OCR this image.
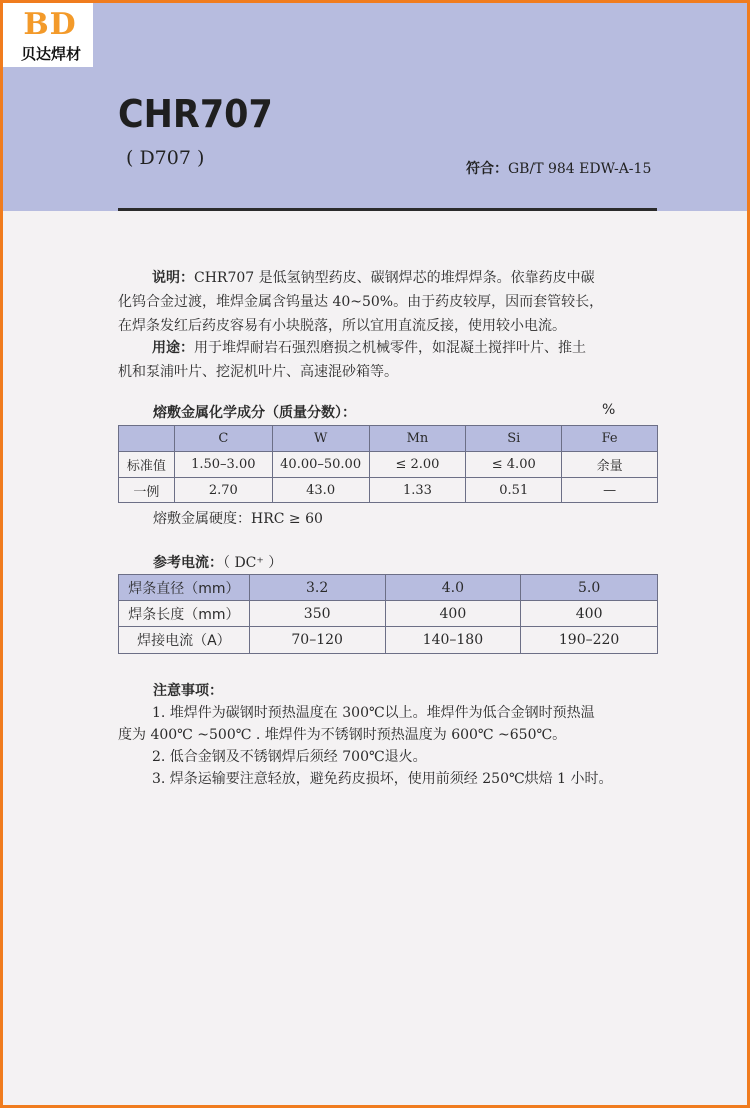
BD
贝达焊材
CHR707
( D707 )	符合：GB/T 984 EDW-A-15
说明：CHR707 是低氢钠型药皮、碳钢焊芯的堆焊焊条。依靠药皮中碳
化钨合金过渡，堆焊金属含钨量达 40~50%。由于药皮较厚，因而套管较长，
在焊条发红后药皮容易有小块脱落，所以宜用直流反接，使用较小电流。
用途：用于堆焊耐岩石强烈磨损之机械零件，如混凝土搅拌叶片、推土
机和泵浦叶片、挖泥机叶片、高速混砂箱等。
熔敷金属化学成分（质量分数）：	%
	C	W	Mn	Si	Fe
标准值	1.50–3.00	40.00–50.00	≤ 2.00	≤ 4.00	余量
一例	2.70	43.0	1.33	0.51	—
熔敷金属硬度：HRC ≥ 60
参考电流：（ DC⁺ ）
焊条直径（mm）	3.2	4.0	5.0
焊条长度（mm）	350	400	400
焊接电流（A）	70–120	140–180	190–220
注意事项：
1. 堆焊件为碳钢时预热温度在 300℃以上。堆焊件为低合金钢时预热温
度为 400℃ ~500℃ . 堆焊件为不锈钢时预热温度为 600℃ ~650℃。
2. 低合金钢及不锈钢焊后须经 700℃退火。
3. 焊条运输要注意轻放，避免药皮损坏，使用前须经 250℃烘焙 1 小时。
